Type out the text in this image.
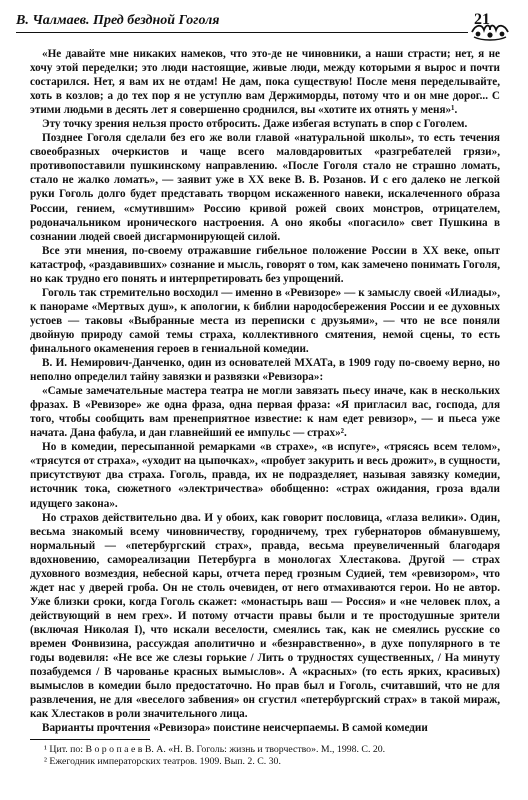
В. Чалмаев. Пред бездной Гоголя	21

«Не давайте мне никаких намеков, что это-де не чиновники, а наши страсти; нет, я не хочу этой переделки; это люди настоящие, живые люди, между которыми я вырос и почти состарился. Нет, я вам их не отдам! Не дам, пока существую! После меня переделывайте, хоть в козлов; а до тех пор я не уступлю вам Держиморды, потому что и он мне дорог... С этими людьми в десять лет я совершенно сроднился, вы «хотите их отнять у меня»¹.

Эту точку зрения нельзя просто отбросить. Даже избегая вступать в спор с Гоголем.

Позднее Гоголя сделали без его же воли главой «натуральной школы», то есть течения своеобразных очеркистов и чаще всего маловдаровитых «разгребателей грязи», противопоставили пушкинскому направлению. «После Гоголя стало не страшно ломать, стало не жалко ломать», — заявит уже в XX веке В. В. Розанов. И с его далеко не легкой руки Гоголь долго будет представать творцом искаженного навеки, искалеченного образа России, гением, «смутившим» Россию кривой рожей своих монстров, отрицателем, родоначальником иронического настроения. А оно якобы «погасило» свет Пушкина в сознании людей своей дисгармонирующей силой.

Все эти мнения, по-своему отражавшие гибельное положение России в XX веке, опыт катастроф, «раздавивших» сознание и мысль, говорят о том, как замечено понимать Гоголя, но как трудно его понять и интерпретировать без упрощений.

Гоголь так стремительно восходил — именно в «Ревизоре» — к замыслу своей «Илиады», к панораме «Мертвых душ», к апологии, к библии народосбережения России и ее духовных устоев — таковы «Выбранные места из переписки с друзьями», — что не все поняли двойную природу самой темы страха, коллективного смятения, немой сцены, то есть финального окаменения героев в гениальной комедии.

В. И. Немирович-Данченко, один из основателей МХАТа, в 1909 году по-своему верно, но неполно определил тайну завязки и развязки «Ревизора»:

«Самые замечательные мастера театра не могли завязать пьесу иначе, как в нескольких фразах. В «Ревизоре» же одна фраза, одна первая фраза: «Я пригласил вас, господа, для того, чтобы сообщить вам пренеприятное известие: к нам едет ревизор», — и пьеса уже начата. Дана фабула, и дан главнейший ее импульс — страх»².

Но в комедии, пересыпанной ремарками «в страхе», «в испуге», «трясясь всем телом», «трясутся от страха», «уходит на цыпочках», «пробует закурить и весь дрожит», в сущности, присутствуют два страха. Гоголь, правда, их не подразделяет, называя завязку комедии, источник тока, сюжетного «электричества» обобщенно: «страх ожидания, гроза вдали идущего закона».

Но страхов действительно два. И у обоих, как говорит пословица, «глаза велики». Один, весьма знакомый всему чиновничеству, городничему, трех губернаторов обманувшему, нормальный — «петербургский страх», правда, весьма преувеличенный благодаря вдохновению, самореализации Петербурга в монологах Хлестакова. Другой — страх духовного возмездия, небесной кары, отчета перед грозным Судией, тем «ревизором», что ждет нас у дверей гроба. Он не столь очевиден, от него отмахиваются герои. Но не автор. Уже близки сроки, когда Гоголь скажет: «монастырь ваш — Россия» и «не человек плох, а действующий в нем грех». И потому отчасти правы были и те простодушные зрители (включая Николая I), что искали веселости, смеялись так, как не смеялись русские со времен Фонвизина, рассуждая аполитично и «безнравственно», в духе популярного в те годы водевиля: «Не все же слезы горькие / Лить о трудностях существенных, / На минуту позабудемся / В чарованье красных вымыслов». А «красных» (то есть ярких, красивых) вымыслов в комедии было предостаточно. Но прав был и Гоголь, считавший, что не для развлечения, не для «веселого забвения» он сгустил «петербургский страх» в такой мираж, как Хлестаков в роли значительного лица.

Варианты прочтения «Ревизора» поистине неисчерпаемы. В самой комедии

¹ Цит. по: В о р о п а е в В. А. «Н. В. Гоголь: жизнь и творчество». М., 1998. С. 20.
² Ежегодник императорских театров. 1909. Вып. 2. С. 30.
